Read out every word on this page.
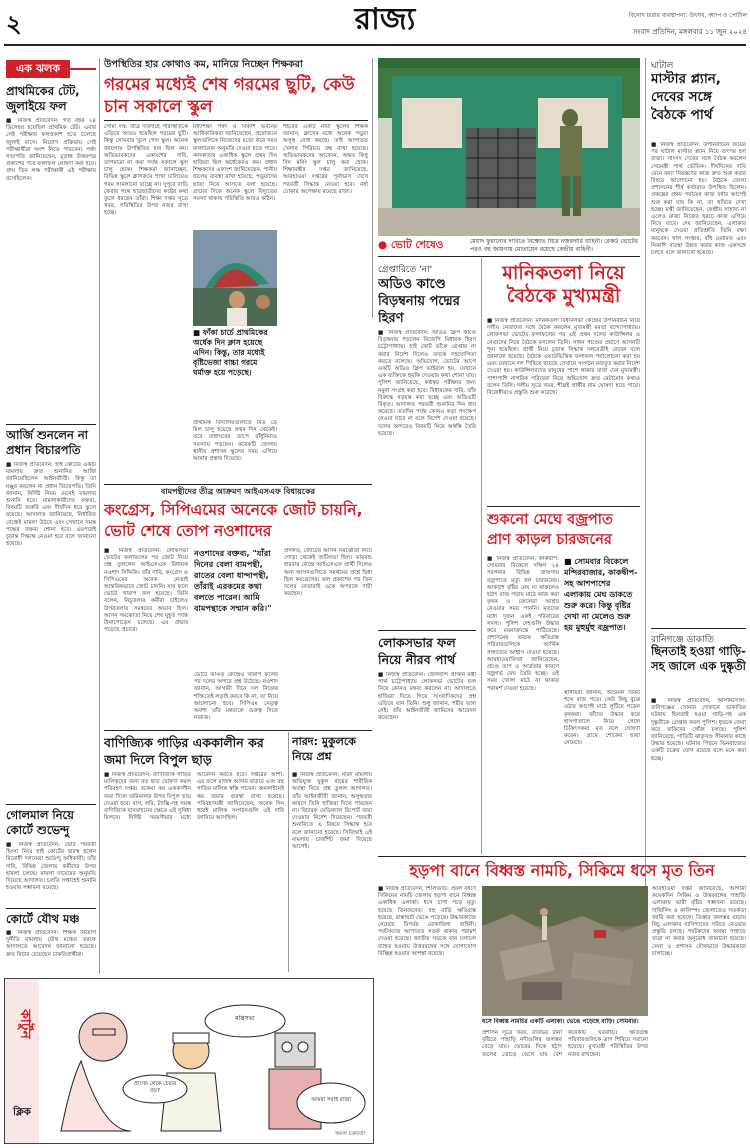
২	রাজ্য	বিনোদ চারার ব্যবস্থাপনা: উৎসব, অ্যাপ ও পোর্টাল
সংবাদ প্রতিদিন, মঙ্গলবার ১১ জুন ২০২৪
এক ঝলক
প্রাথমিকের টেট, জুলাইয়ে ফল
■ নিজস্ব প্রতিবেদন: গত বছর ২৪ ডিসেম্বর হয়েছিল প্রাথমিক টেট। এবার সেই পরীক্ষার ফলপ্রকাশ হতে চলেছে জুলাই মাসে। নিয়োগ প্রক্রিয়ায় সেই পরীক্ষার্থীরা অংশ নিতে পারবেন। পর্ষদ সভাপতি জানিয়েছেন, চূড়ান্ত উত্তরপত্র প্রকাশের পরে ফলাফল ঘোষণা করা হবে। প্রায় তিন লক্ষ পরীক্ষার্থী এই পরীক্ষায় বসেছিলেন।
আর্জি শুনলেন না প্রধান বিচারপতি
■ নিজস্ব প্রতিবেদন: হাই কোর্টের একটি মামলায় দ্রুত শুনানির আর্জি জানিয়েছিলেন আইনজীবী। কিন্তু তা মঞ্জুর করলেন না প্রধান বিচারপতি। তিনি জানান, নির্দিষ্ট নিয়ম মেনেই মামলার শুনানি হবে। মামলাকারীদের বক্তব্য, বিষয়টি জরুরি এবং দীর্ঘদিন ধরে ঝুলে রয়েছে। আদালত জানিয়েছে, নির্ধারিত বেঞ্চেই মামলা উঠবে এবং সেখানে সমস্ত পক্ষের বক্তব্য শোনা হবে। এরপরেই চূড়ান্ত সিদ্ধান্ত নেওয়া হবে বলে জানানো হয়েছে।
গোলমাল নিয়ে কোর্টে শুভেন্দু
■ নিজস্ব প্রতিবেদন: ভোট পরবর্তী হিংসা নিয়ে হাই কোর্টের দ্বারস্থ হলেন বিরোধী দলনেতা শুভেন্দু অধিকারী। তাঁর দাবি, বিভিন্ন জেলায় কর্মীদের উপর হামলা চলছে। মামলা দায়েরের অনুমতি দিয়েছে আদালত। চলতি সপ্তাহেই শুনানি হওয়ার সম্ভাবনা রয়েছে।
কোর্টে যৌথ মঞ্চ
■ নিজস্ব প্রতিবেদন: শিক্ষক নিয়োগ দুর্নীতি মামলায় যৌথ মঞ্চের তরফে আদালতে আবেদন জানানো হয়েছে। দ্রুত বিচার চেয়েছেন চাকরিপ্রার্থীরা।
উপস্থিতির হার কোথাও কম, মানিয়ে নিচ্ছেন শিক্ষকরা
গরমের মধ্যেই শেষ গরমের ছুটি, কেউ চান সকালে স্কুল
সৌম্য দত্ত: তীব্র দাবদাহে পরিস্থিতিকে এড়িয়ে আরও হয়েছিল গরমের ছুটি। কিন্তু সোমবার খুলে গেল স্কুল। অনেক জায়গায় উপস্থিতির হার ছিল কম। অভিভাবকদের একাংশের দাবি, তাপমাত্রা না কমা পর্যন্ত সকালে স্কুল চালু হোক। শিক্ষকরা জানাচ্ছেন, বিভিন্ন স্কুলে ক্লাসরুমে পাখা চালিয়েও গরম সামলানো যাচ্ছে না। দুপুরে বাড়ি ফেরার পথে ছাত্রছাত্রীদের কষ্টের কথা তুলে ধরছেন তাঁরা। শিক্ষা দপ্তর সূত্রে খবর, পরিস্থিতির উপর নজর রাখা হচ্ছে।
মধ্যশিক্ষা পর্ষদ ও বিকাশ ভবনের আধিকারিকরা জানিয়েছেন, প্রয়োজনে স্কুলগুলিকে নিজেদের মতো করে সময় বদলানোর অনুমতি দেওয়া হতে পারে। কলকাতার একাধিক স্কুলে প্রথম দিন হাজিরা ছিল অর্ধেকেরও কম। প্রধান শিক্ষকদের একাংশ জানিয়েছেন, পানীয় জলের ব্যবস্থা রাখা হয়েছে, পড়ুয়াদের ছাতা নিয়ে আসতে বলা হয়েছে। গ্রামের দিকে অনেক স্কুলে বিদ্যুতের সমস্যা থাকায় পরিস্থিতি আরও কঠিন।
শহরের একটি নামী স্কুলের শিক্ষক জানান, ক্লাসের মধ্যে অনেক পড়ুয়া অসুস্থ বোধ করছে। তাই আপাতত খেলার পিরিয়ড বন্ধ রাখা হয়েছে। অভিভাবকদের আবেদন, অন্তত কিছু দিন মর্নিং স্কুল চালু করা হোক। শিক্ষামন্ত্রীর দপ্তর জানিয়েছে, আবহাওয়া দপ্তরের পূর্বাভাস দেখে পরবর্তী সিদ্ধান্ত নেওয়া হবে। বর্ষা ঢোকার অপেক্ষায় রয়েছে রাজ্য।
■ ফাঁকা চার্চে প্রাথমিকের অর্ধেক দিন ক্লাস হয়েছে এদিন। কিন্তু, তার মধ্যেই বৃষ্টিভেজা বাচ্চা গরমে ঘর্মাক্ত হয়ে পড়েছে।
প্রাথমিক বিদ্যালয়গুলিতে মিড ডে মিল চালু হয়েছে প্রথম দিন থেকেই। তবে রান্নাঘরের তাপে রাঁধুনিরাও সমস্যায় পড়ছেন। কয়েকটি জেলায় স্থানীয় প্রশাসন স্কুলের সময় এগিয়ে আনার প্রস্তাব দিয়েছে।
● ভোট শেষেও	মেয়াদ ফুরানোর দাবিতে বিক্ষোভ ঘিরে নজরদারি বাহিনী। রেকর্ড ভোটের পরও বহু জায়গায় মোতায়েন রয়েছে কেন্দ্রীয় বাহিনী।
ঘাটাল
মাস্টার প্ল্যান, দেবের সঙ্গে বৈঠকে পার্থ
■ নিজস্ব প্রতিবেদন: উপনির্বাচনে জয়ের পর ঘাটাল মাস্টার প্ল্যান নিয়ে তৎপর হল রাজ্য। সাংসদ দেবের সঙ্গে বৈঠক করলেন সেচমন্ত্রী পার্থ ভৌমিক। দীর্ঘদিনের দাবি মেনে বন্যা নিয়ন্ত্রণের কাজ দ্রুত শুরু করার বিষয়ে আলোচনা হয়। বৈঠকে জেলা প্রশাসনের শীর্ষ কর্তারাও উপস্থিত ছিলেন। প্রকল্পের প্রথম পর্যায়ের কাজ বর্ষার আগেই শুরু করা যায় কি না, তা খতিয়ে দেখা হচ্ছে। মন্ত্রী জানিয়েছেন, কেন্দ্রীয় সাহায্য না এলেও রাজ্য নিজের খরচে কাজ এগিয়ে নিয়ে যাবে। দেব জানিয়েছেন, এলাকার মানুষকে দেওয়া প্রতিশ্রুতি তিনি রক্ষা করবেন। খাল সংস্কার, বাঁধ মেরামত এবং নিকাশি ব্যবস্থা উন্নত করার কাজ একসঙ্গে চলবে বলে জানানো হয়েছে।
রানিগঞ্জে ডাকাতি
ছিনতাই হওয়া গাড়ি-সহ জালে এক দুষ্কৃতী
■ নিজস্ব প্রতিবেদন, আসানসোল: রানিগঞ্জের সোনার দোকানে ডাকাতির ঘটনায় ছিনতাই হওয়া গাড়ি-সহ এক দুষ্কৃতীকে গ্রেপ্তার করল পুলিশ। ধৃতকে জেরা করে বাকিদের খোঁজ চলছে। পুলিশ জানিয়েছে, গাড়িটি ঝাড়খণ্ড সীমানার কাছে উদ্ধার হয়েছে। ঘটনার পিছনে ভিনরাজ্যের একটি চক্রের যোগ রয়েছে বলে মনে করা হচ্ছে।
গ্রেপ্তারিতে 'না'
অডিও কাণ্ডে বিড়ম্বনায় পদ্মের হিরণ
■ নিজস্ব প্রতিবেদন: অডিও ক্লিপ কাণ্ডে বিড়ম্বনায় পড়লেন বিজেপি বিধায়ক হিরণ চট্টোপাধ্যায়। হাই কোর্ট তাঁকে গ্রেপ্তার না করার নির্দেশ দিলেও তদন্তে সহযোগিতা করতে বলেছে। অভিযোগ, ভোটের আগে একটি অডিও ক্লিপ ভাইরাল হয়, যেখানে এক ব্যক্তিকে হুমকি দেওয়ার কথা শোনা যায়। পুলিশ জানিয়েছে, কণ্ঠস্বর পরীক্ষার জন্য নমুনা সংগ্রহ করা হবে। বিধায়কের দাবি, তাঁর বিরুদ্ধে ষড়যন্ত্র করা হচ্ছে এবং অডিওটি বিকৃত। আদালত পরবর্তী শুনানির দিন ধার্য করেছে। ততদিন পর্যন্ত কোনও কড়া পদক্ষেপ নেওয়া যাবে না বলে নির্দেশ দেওয়া হয়েছে। দলের অন্দরেও বিষয়টি নিয়ে অস্বস্তি তৈরি হয়েছে।
লোকসভার ফল নিয়ে নীরব পার্থ
■ নিজস্ব প্রতিবেদন: জেলবন্দি প্রাক্তন মন্ত্রী পার্থ চট্টোপাধ্যায় লোকসভা ভোটের ফল নিয়ে কোনও মন্তব্য করলেন না। আদালতে হাজিরা দিতে গিয়ে সাংবাদিকদের প্রশ্ন এড়িয়ে যান তিনি। শুধু জানান, শরীর ভাল নেই। তাঁর আইনজীবী জামিনের আবেদন করেছেন।
মানিকতলা নিয়ে বৈঠকে মুখ্যমন্ত্রী
■ নিজস্ব প্রতিবেদন: মানিকতলা বিধানসভা কেন্দ্রের উপনির্বাচন নিয়ে দলীয় নেতাদের সঙ্গে বৈঠক করলেন মুখ্যমন্ত্রী মমতা বন্দ্যোপাধ্যায়। লোকসভা ভোটের ফলাফলের পর এই প্রথম দলের কাউন্সিলর ও নেতাদের নিয়ে বৈঠকে বসলেন তিনি। সাধন পাণ্ডের প্রয়াণে আসনটি শূন্য হয়েছিল। প্রার্থী নিয়ে চূড়ান্ত সিদ্ধান্ত দলনেত্রীই নেবেন বলে জানানো হয়েছে। বৈঠকে ওয়ার্ডভিত্তিক ফলাফল পর্যালোচনা করা হয় এবং যেখানে দল পিছিয়ে রয়েছে সেখানে সংগঠন মজবুত করার নির্দেশ দেওয়া হয়। কাউন্সিলরদের মানুষের পাশে থাকার বার্তা দেন মুখ্যমন্ত্রী। পাশাপাশি নাগরিক পরিষেবা নিয়ে অভিযোগ দ্রুত মেটানোর কথাও বলেন তিনি। দলীয় সূত্রে খবর, শীঘ্রই প্রার্থীর নাম ঘোষণা হতে পারে। বিরোধীরাও প্রস্তুতি শুরু করেছে।
বামপন্থীদের তীব্র আক্রমণ আইএসএফ বিধায়কের
কংগ্রেস, সিপিএমের অনেকে জোট চায়নি, ভোট শেষে তোপ নওশাদের
■ নিজস্ব প্রতিবেদন: লোকসভা ভোটের ফলাফলের পর জোট নিয়ে প্রশ্ন তুললেন আইএসএফ বিধায়ক নওশাদ সিদ্দিকি। তাঁর দাবি, কংগ্রেস ও সিপিএমের অনেক নেতাই আন্তরিকভাবে জোট চাননি। যার ফলে ভোটে খারাপ ফল হয়েছে। তিনি বলেন, নিচুতলার কর্মীরা চাইলেও উপরতলায় সমন্বয়ের অভাব ছিল। আসন সমঝোতা নিয়ে শেষ মুহূর্ত পর্যন্ত টানাপোড়েন চলেছে। এর প্রভাব পড়েছে প্রচারে।
নওশাদের বক্তব্য, "যাঁরা দিনের বেলা বামপন্থী, রাতের বেলা ধান্দাপন্থী, তাঁরাই এরকমের কথা বলতে পারেন। আমি বামপন্থাকে সম্মান করি।"
ভোটে ভাঙড় কেন্দ্রেও খারাপ ফলের পর দলের অন্দরে প্রশ্ন উঠেছে। নওশাদ জানান, আগামী দিনে দল নিজের শক্তিতেই লড়াই করবে কি না, তা নিয়ে আলোচনা হবে। সিপিএম নেতৃত্ব অবশ্য তাঁর মন্তব্যকে গুরুত্ব দিতে নারাজ।
প্রসঙ্গত, জোটের আসন সমঝোতা নিয়ে গোড়া থেকেই জটিলতা ছিল। ডায়মন্ড হারবার কেন্দ্রে আইএসএফ প্রার্থী দিলেও অন্য আসনগুলিতে সমর্থনের প্রশ্নে দ্বিধা ছিল কংগ্রেসের। ফল প্রকাশের পর তিন দলের নেতারাই একে অপরকে দায়ী করছেন।
শুকনো মেঘে বজ্রপাত প্রাণ কাড়ল চারজনের
■ নিজস্ব প্রতিবেদন, কাকদ্বীপ: সোমবার বিকেলে দক্ষিণ ২৪ পরগনার বিভিন্ন জায়গায় বজ্রপাতে মৃত্যু হল চারজনের। আকাশে বৃষ্টির মেঘ না থাকলেও হঠাৎ বাজ পড়ায় মাঠে কাজ করা কৃষক ও জেলেরা আশ্রয় নেওয়ার সময় পাননি। মৃতদের মধ্যে দুজন একই পরিবারের সদস্য। পুলিশ দেহগুলি উদ্ধার করে ময়নাতদন্তে পাঠিয়েছে। প্রশাসনের তরফে ক্ষতিগ্রস্ত পরিবারগুলিকে আর্থিক সাহায্যের আশ্বাস দেওয়া হয়েছে। আবহাওয়াবিদরা জানিয়েছেন, প্রচণ্ড তাপ ও আর্দ্রতার কারণে বজ্রগর্ভ মেঘ তৈরি হচ্ছে। এই সময় খোলা মাঠে না থাকার পরামর্শ দেওয়া হয়েছে।
■ সোমবার বিকেলে মন্দিরবাজার, কাকদ্বীপ-সহ আশপাশের এলাকায় মেঘ ডাকতে শুরু করে। কিন্তু বৃষ্টির দেখা না মেলেও শুরু হয় মুহুর্মুহু বজ্রপাত।
স্থানীয়রা জানান, আচমকা বিকট শব্দে বাজ পড়ে। কেউ কিছু বুঝে ওঠার আগেই মাঠে লুটিয়ে পড়েন কৃষকরা। তাঁদের উদ্ধার করে হাসপাতালে নিয়ে গেলে চিকিৎসকরা মৃত বলে ঘোষণা করেন। গ্রামে শোকের ছায়া নেমেছে।
বাণিজ্যিক গাড়ির এককালীন কর জমা দিলে বিপুল ছাড়
■ নিজস্ব প্রতিবেদন: বাণিজ্যিক গাড়ির মালিকদের জন্য বড় ছাড় ঘোষণা করল পরিবহণ দপ্তর। বকেয়া কর এককালীন জমা দিলে জরিমানার উপর বিপুল ছাড় দেওয়া হবে। বাস, লরি, ট্যাক্সি-সহ সমস্ত বাণিজ্যিক যানবাহনের ক্ষেত্রে এই সুবিধা মিলবে। নির্দিষ্ট সময়সীমার মধ্যে আবেদন করতে হবে। দপ্তরের আশা, এর ফলে রাজস্ব আদায় বাড়বে এবং বহু গাড়ির মালিক স্বস্তি পাবেন। অনলাইনেই কর জমার ব্যবস্থা রাখা হয়েছে। পরিবহণমন্ত্রী জানিয়েছেন, অনেক দিন ধরেই মালিক সংগঠনগুলি এই দাবি জানিয়ে আসছিল।
নারদ: মুকুলকে নিয়ে প্রশ্ন
■ নিজস্ব প্রতিবেদন: নারদ মামলায় অভিযুক্ত মুকুল রায়ের শারীরিক অবস্থা নিয়ে প্রশ্ন তুলল আদালত। তাঁর আইনজীবী জানান, অসুস্থতার কারণে তিনি হাজিরা দিতে পারছেন না। বিচারক মেডিক্যাল রিপোর্ট জমা দেওয়ার নির্দেশ দিয়েছেন। পরবর্তী শুনানিতে এ বিষয়ে সিদ্ধান্ত হবে বলে জানানো হয়েছে। সিবিআই এই মামলায় চার্জশিট জমা দিয়েছে আগেই।
হড়পা বানে বিধ্বস্ত নামচি, সিকিমে ধসে মৃত তিন
■ নিজস্ব প্রতিবেদন, শিলিগুড়ি: প্রবল বর্ষণে সিকিমের নামচি জেলায় হড়পা বানে বিধ্বস্ত একাধিক এলাকা। ধসে চাপা পড়ে মৃত্যু হয়েছে তিনজনের। বহু বাড়ি ক্ষতিগ্রস্ত হয়েছে, রাস্তাঘাট ভেঙে পড়েছে। উদ্ধারকাজে নেমেছে বিপর্যয় মোকাবিলা বাহিনী। পর্যটকদের আপাতত সতর্ক থাকার পরামর্শ দেওয়া হয়েছে। জাতীয় সড়কে যান চলাচল ব্যাহত হওয়ায় উত্তরবঙ্গের সঙ্গে যোগাযোগ বিচ্ছিন্ন হওয়ার আশঙ্কা রয়েছে।
ধসে বিধ্বস্ত নামচির একটি এলাকা। ভেঙে পড়েছে বাড়ি। সোমবার।
প্রশাসন সূত্রে খবর, রাতভর টানা বৃষ্টিতে পাহাড়ি নদীগুলির জলস্তর বেড়ে যায়। ভোরের দিকে হঠাৎ জলের তোড়ে ভেসে যায় বেশ কয়েকটি ঘরবাড়ি। ক্ষতিগ্রস্ত পরিবারগুলিকে ত্রাণ শিবিরে সরানো হয়েছে। মুখ্যমন্ত্রী পরিস্থিতির উপর নজর রাখছেন।
আবহাওয়া দপ্তর জানিয়েছে, আগামী কয়েকদিন সিকিম ও উত্তরবঙ্গের পাহাড়ি এলাকায় ভারী বৃষ্টির সম্ভাবনা রয়েছে। দার্জিলিং ও কালিম্পং জেলাতেও সতর্কতা জারি করা হয়েছে। তিস্তার জলস্তর বাড়ায় নিচু এলাকার বাসিন্দাদের সরিয়ে নেওয়ার প্রস্তুতি চলছে। পর্যটকদের অযথা পাহাড়ে যাত্রা না করার অনুরোধ জানানো হয়েছে। সেনা ও প্রশাসন যৌথভাবে উদ্ধারকাজ চালাচ্ছে।
কার্টুন
ক্লিক
প্রাণের থেকে চেয়ার বড়?
মন্ত্রিসভা
আমরা সবাই রাজা
অমল চক্রবর্তী
